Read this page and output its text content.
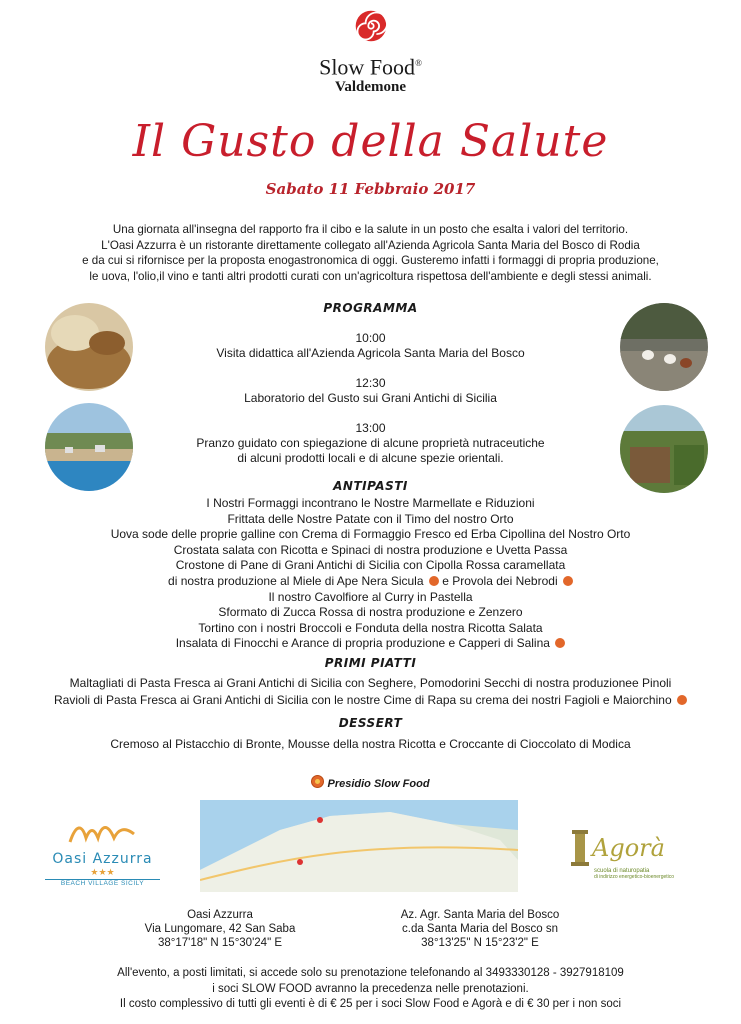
Slow Food®
Valdemone
Il Gusto della Salute
Sabato 11 Febbraio 2017
Una giornata all'insegna del rapporto fra il cibo e la salute in un posto che esalta i valori del territorio.
L'Oasi Azzurra è un ristorante direttamente collegato all'Azienda Agricola Santa Maria del Bosco di Rodia
e da cui si rifornisce per la proposta enogastronomica di oggi. Gusteremo infatti i formaggi di propria produzione,
le uova, l'olio,il vino e tanti altri prodotti curati con un'agricoltura rispettosa dell'ambiente e degli stessi animali.
PROGRAMMA
10:00
Visita didattica all'Azienda Agricola Santa Maria del Bosco
12:30
Laboratorio del Gusto sui Grani Antichi di Sicilia
13:00
Pranzo guidato con spiegazione di alcune proprietà nutraceutiche
di alcuni prodotti locali e di alcune spezie orientali.
ANTIPASTI
I Nostri Formaggi incontrano le Nostre Marmellate e Riduzioni
Frittata delle Nostre Patate con il Timo del nostro Orto
Uova sode delle proprie galline con Crema di Formaggio Fresco ed Erba Cipollina del Nostro Orto
Crostata salata con Ricotta e Spinaci di nostra produzione e Uvetta Passa
Crostone di Pane di Grani Antichi di Sicilia con Cipolla Rossa caramellata
di nostra produzione al Miele di Ape Nera Sicula e Provola dei Nebrodi
Il nostro Cavolfiore al Curry in Pastella
Sformato di Zucca Rossa di nostra produzione e Zenzero
Tortino con i nostri Broccoli e Fonduta della nostra Ricotta Salata
Insalata di Finocchi e Arance di propria produzione e Capperi di Salina
PRIMI PIATTI
Maltagliati di Pasta Fresca ai Grani Antichi di Sicilia con Seghere, Pomodorini Secchi di nostra produzionee Pinoli
Ravioli di Pasta Fresca ai Grani Antichi di Sicilia con le nostre Cime di Rapa su crema dei nostri Fagioli e Maiorchino
DESSERT
Cremoso al Pistacchio di Bronte, Mousse della nostra Ricotta e Croccante di Cioccolato di Modica
Presidio Slow Food
Oasi Azzurra
★★★
BEACH VILLAGE SICILY
Agorà
scuola di naturopatia
di indirizzo energetico-bioenergetico
Oasi Azzurra
Via Lungomare, 42 San Saba
38°17'18" N 15°30'24" E
Az. Agr. Santa Maria del Bosco
c.da Santa Maria del Bosco sn
38°13'25" N 15°23'2" E
All'evento, a posti limitati, si accede solo su prenotazione telefonando al 3493330128 - 3927918109
i soci SLOW FOOD avranno la precedenza nelle prenotazioni.
Il costo complessivo di tutti gli eventi è di € 25 per i soci Slow Food e Agorà e di € 30 per i non soci
